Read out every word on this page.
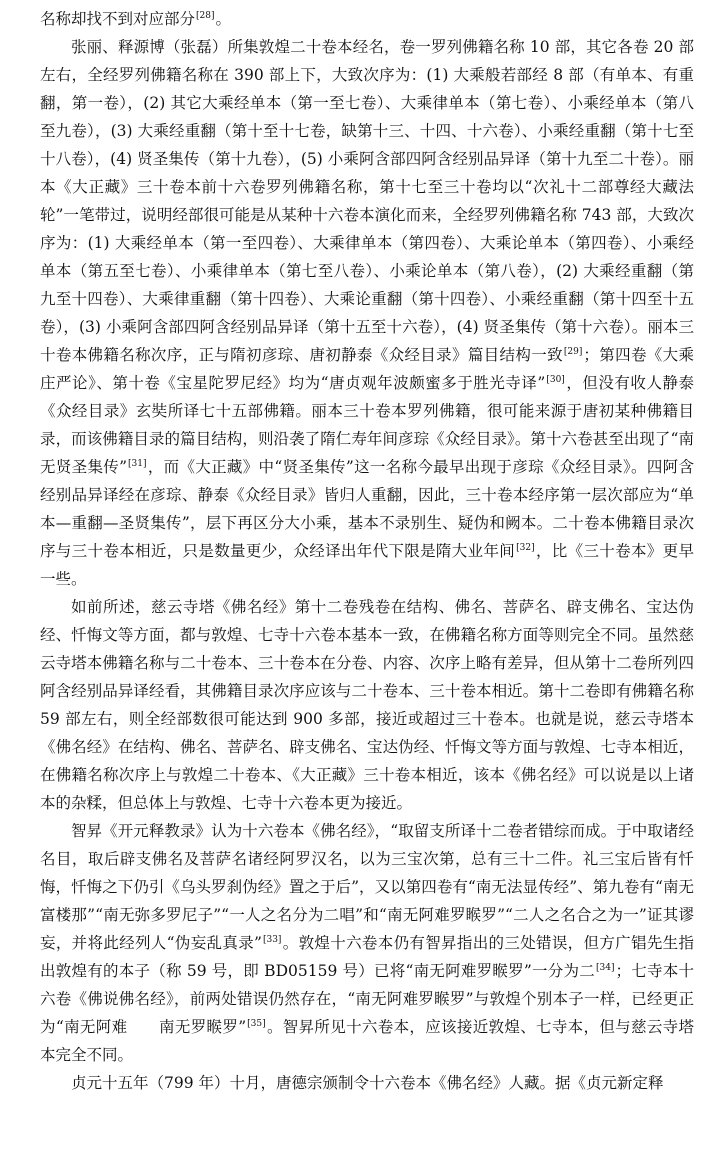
名称却找不到对应部分[28]。

张丽、释源博（张磊）所集敦煌二十卷本经名，卷一罗列佛籍名称 10 部，其它各卷 20 部左右，全经罗列佛籍名称在 390 部上下，大致次序为：(1) 大乘般若部经 8 部（有单本、有重翻，第一卷），(2) 其它大乘经单本（第一至七卷）、大乘律单本（第七卷）、小乘经单本（第八至九卷），(3) 大乘经重翻（第十至十七卷，缺第十三、十四、十六卷）、小乘经重翻（第十七至十八卷），(4) 贤圣集传（第十九卷），(5) 小乘阿含部四阿含经别品异译（第十九至二十卷）。丽本《大正藏》三十卷本前十六卷罗列佛籍名称，第十七至三十卷均以“次礼十二部尊经大藏法轮”一笔带过，说明经部很可能是从某种十六卷本演化而来，全经罗列佛籍名称 743 部，大致次序为：(1) 大乘经单本（第一至四卷）、大乘律单本（第四卷）、大乘论单本（第四卷）、小乘经单本（第五至七卷）、小乘律单本（第七至八卷）、小乘论单本（第八卷），(2) 大乘经重翻（第九至十四卷）、大乘律重翻（第十四卷）、大乘论重翻（第十四卷）、小乘经重翻（第十四至十五卷），(3) 小乘阿含部四阿含经别品异译（第十五至十六卷），(4) 贤圣集传（第十六卷）。丽本三十卷本佛籍名称次序，正与隋初彦琮、唐初静泰《众经目录》篇目结构一致[29]；第四卷《大乘庄严论》、第十卷《宝星陀罗尼经》均为“唐贞观年波颇蜜多于胜光寺译”[30]，但没有收人静泰《众经目录》玄奘所译七十五部佛籍。丽本三十卷本罗列佛籍，很可能来源于唐初某种佛籍目录，而该佛籍目录的篇目结构，则沿袭了隋仁寿年间彦琮《众经目录》。第十六卷甚至出现了“南无贤圣集传”[31]，而《大正藏》中“贤圣集传”这一名称今最早出现于彦琮《众经目录》。四阿含经别品异译经在彦琮、静泰《众经目录》皆归人重翻，因此，三十卷本经序第一层次部应为“单本—重翻—圣贤集传”，层下再区分大小乘，基本不录别生、疑伪和阙本。二十卷本佛籍目录次序与三十卷本相近，只是数量更少，众经译出年代下限是隋大业年间[32]，比《三十卷本》更早一些。

如前所述，慈云寺塔《佛名经》第十二卷残卷在结构、佛名、菩萨名、辟支佛名、宝达伪经、忏悔文等方面，都与敦煌、七寺十六卷本基本一致，在佛籍名称方面等则完全不同。虽然慈云寺塔本佛籍名称与二十卷本、三十卷本在分卷、内容、次序上略有差异，但从第十二卷所列四阿含经别品异译经看，其佛籍目录次序应该与二十卷本、三十卷本相近。第十二卷即有佛籍名称 59 部左右，则全经部数很可能达到 900 多部，接近或超过三十卷本。也就是说，慈云寺塔本《佛名经》在结构、佛名、菩萨名、辟支佛名、宝达伪经、忏悔文等方面与敦煌、七寺本相近，在佛籍名称次序上与敦煌二十卷本、《大正藏》三十卷本相近，该本《佛名经》可以说是以上诸本的杂糅，但总体上与敦煌、七寺十六卷本更为接近。

智昇《开元释教录》认为十六卷本《佛名经》，“取留支所译十二卷者错综而成。于中取诸经名目，取后辟支佛名及菩萨名诸经阿罗汉名，以为三宝次第，总有三十二件。礼三宝后皆有忏悔，忏悔之下仍引《乌头罗刹伪经》置之于后”，又以第四卷有“南无法显传经”、第九卷有“南无富楼那”“南无弥多罗尼子”“一人之名分为二唱”和“南无阿难罗睺罗”“二人之名合之为一”证其谬妄，并将此经列人“伪妄乱真录”[33]。敦煌十六卷本仍有智昇指出的三处错误，但方广锠先生指出敦煌有的本子（称 59 号，即 BD05159 号）已将“南无阿难罗睺罗”一分为二[34]；七寺本十六卷《佛说佛名经》，前两处错误仍然存在，“南无阿难罗睺罗”与敦煌个别本子一样，已经更正为“南无阿难　　南无罗睺罗”[35]。智昇所见十六卷本，应该接近敦煌、七寺本，但与慈云寺塔本完全不同。

贞元十五年（799 年）十月，唐德宗颁制令十六卷本《佛名经》人藏。据《贞元新定释
